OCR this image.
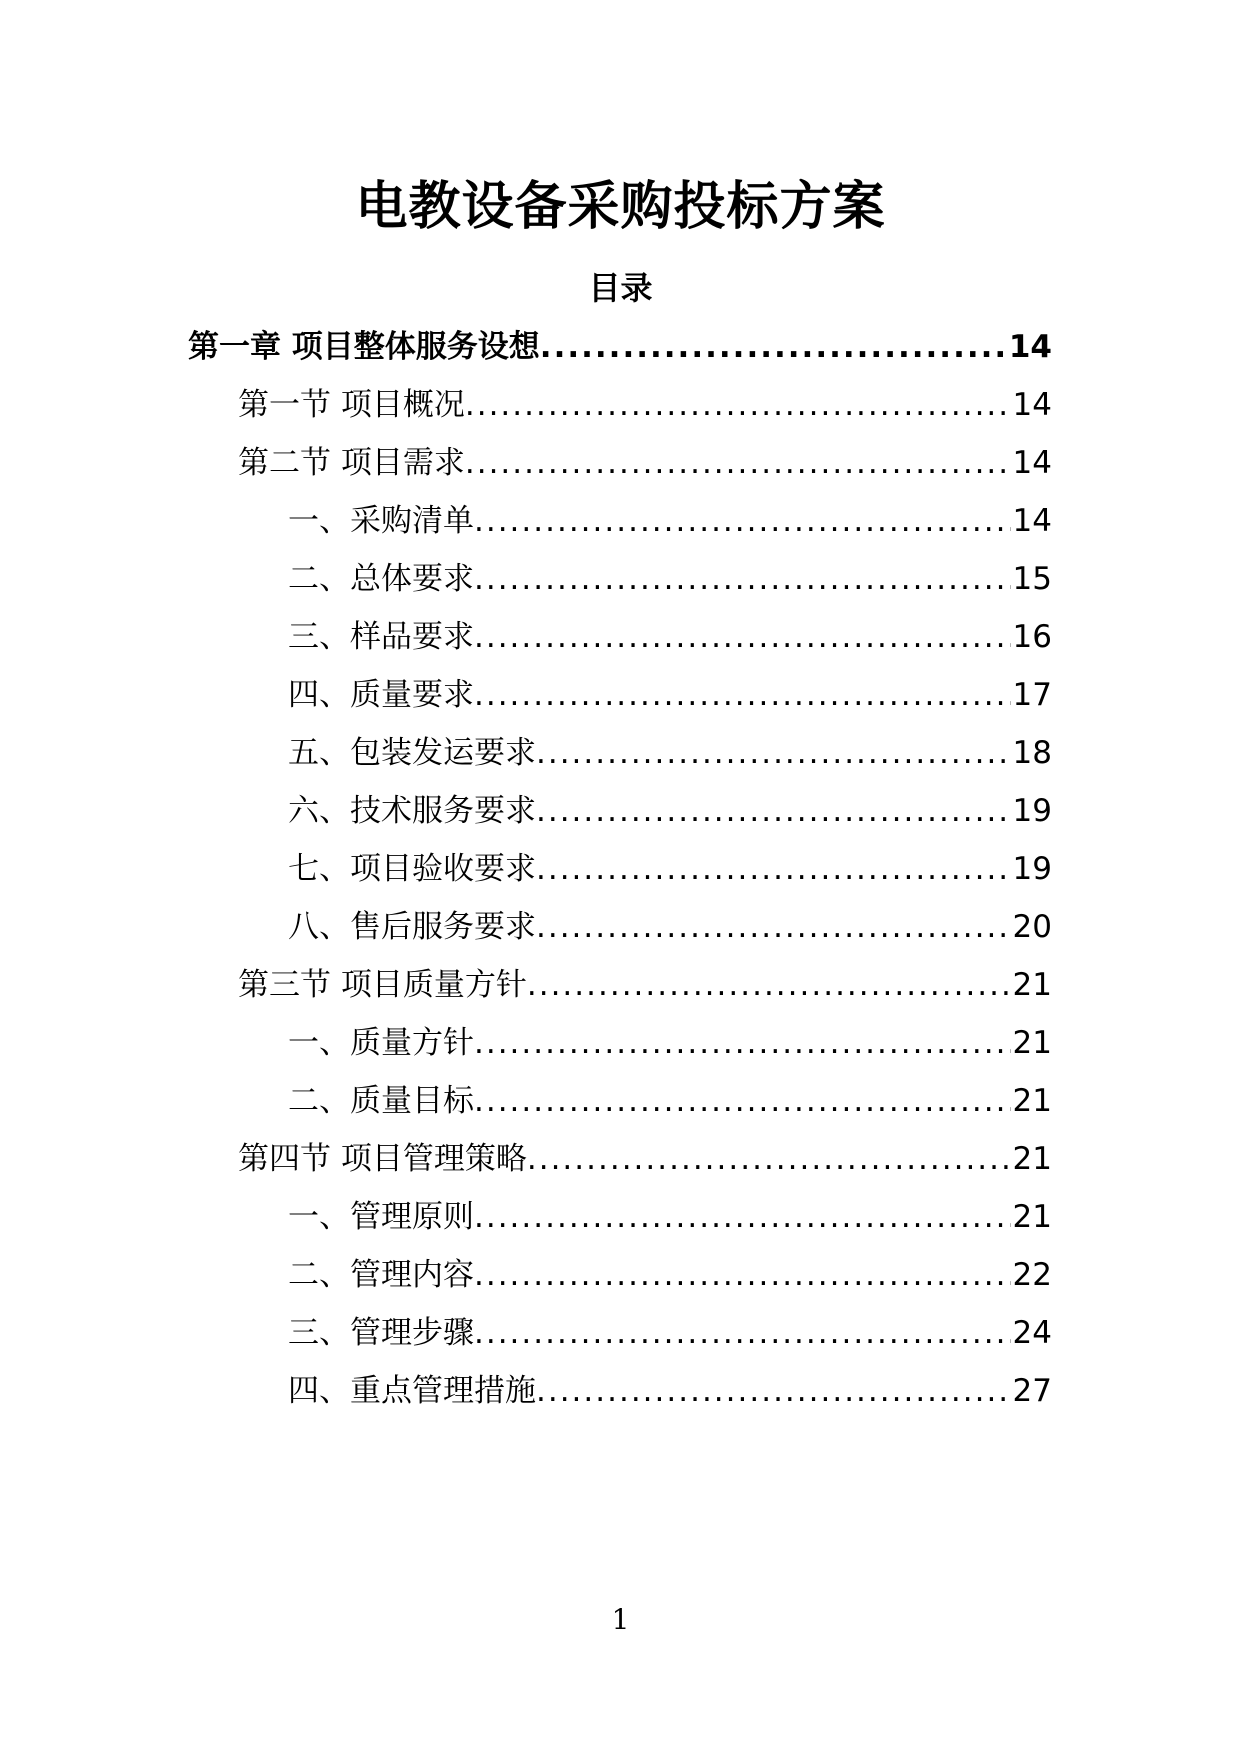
电教设备采购投标方案
目录
第一章 项目整体服务设想 .....	14
第一节 项目概况 .....	14
第二节 项目需求 .....	14
一、采购清单 .....	14
二、总体要求 .....	15
三、样品要求 .....	16
四、质量要求 .....	17
五、包装发运要求 .....	18
六、技术服务要求 .....	19
七、项目验收要求 .....	19
八、售后服务要求 .....	20
第三节 项目质量方针 .....	21
一、质量方针 .....	21
二、质量目标 .....	21
第四节 项目管理策略 .....	21
一、管理原则 .....	21
二、管理内容 .....	22
三、管理步骤 .....	24
四、重点管理措施 .....	27
1
